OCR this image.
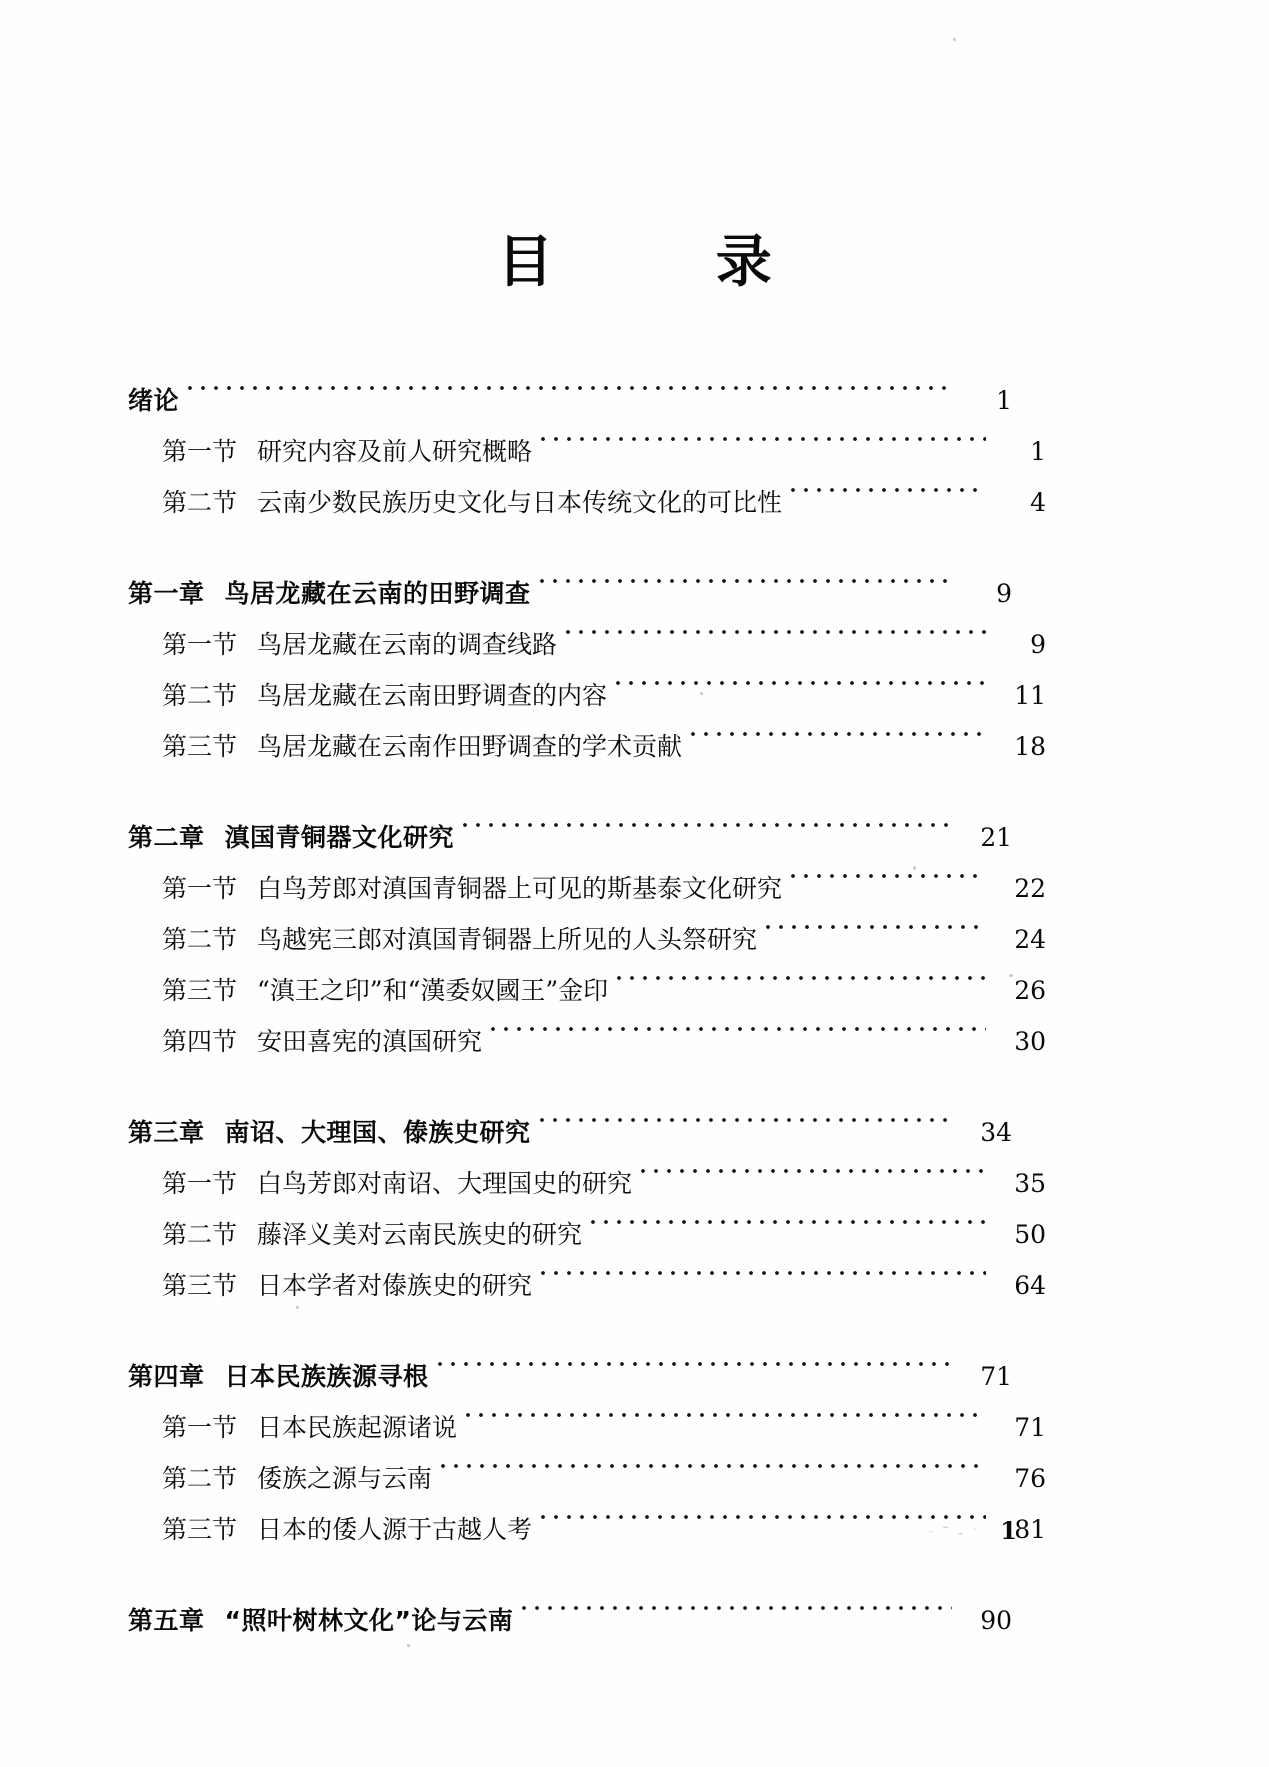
目　　录
绪论	1
第一节 研究内容及前人研究概略	1
第二节 云南少数民族历史文化与日本传统文化的可比性	4
第一章 鸟居龙藏在云南的田野调查	9
第一节 鸟居龙藏在云南的调查线路	9
第二节 鸟居龙藏在云南田野调查的内容	11
第三节 鸟居龙藏在云南作田野调查的学术贡献	18
第二章 滇国青铜器文化研究	21
第一节 白鸟芳郎对滇国青铜器上可见的斯基泰文化研究	22
第二节 鸟越宪三郎对滇国青铜器上所见的人头祭研究	24
第三节 “滇王之印”和“漢委奴國王”金印	26
第四节 安田喜宪的滇国研究	30
第三章 南诏、大理国、傣族史研究	34
第一节 白鸟芳郎对南诏、大理国史的研究	35
第二节 藤泽义美对云南民族史的研究	50
第三节 日本学者对傣族史的研究	64
第四章 日本民族族源寻根	71
第一节 日本民族起源诸说	71
第二节 倭族之源与云南	76
第三节 日本的倭人源于古越人考	81
第五章 “照叶树林文化”论与云南	90
1
